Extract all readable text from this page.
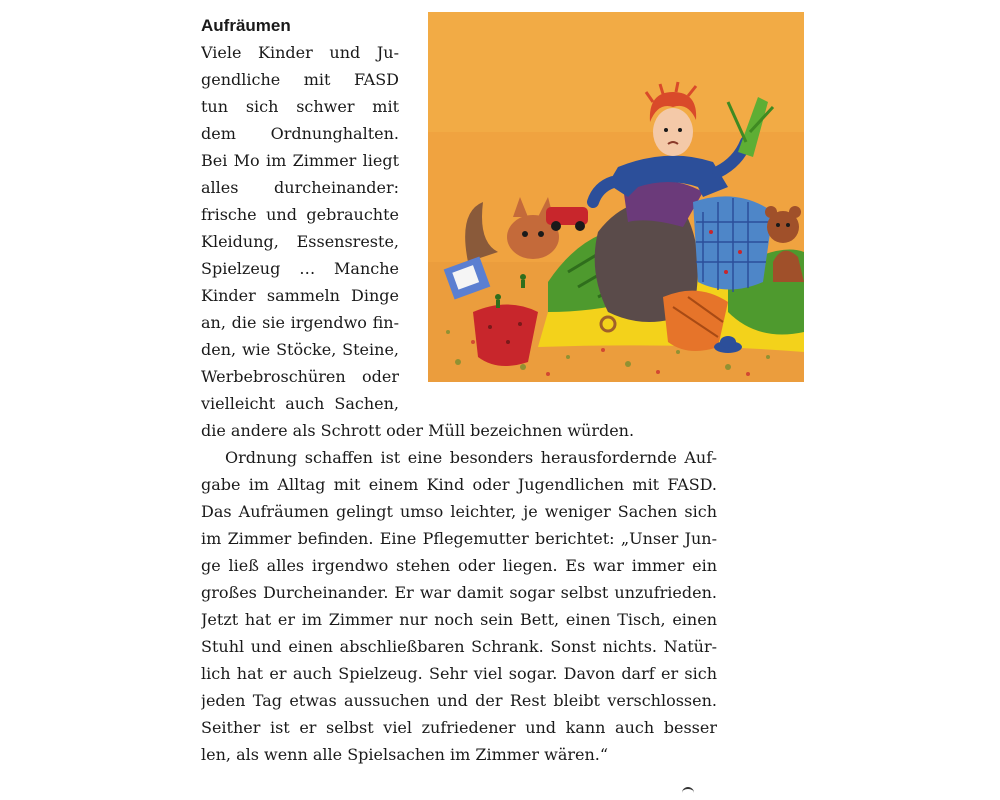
Aufräumen
Viele Kinder und Ju-
gendliche mit FASD
tun sich schwer mit
dem Ordnunghalten.
Bei Mo im Zimmer liegt
alles durcheinander:
frische und gebrauchte
Kleidung, Essensreste,
Spielzeug … Manche
Kinder sammeln Dinge
an, die sie irgendwo fin-
den, wie Stöcke, Steine,
Werbebroschüren oder
vielleicht auch Sachen,
die andere als Schrott oder Müll bezeichnen würden.
Ordnung schaffen ist eine besonders herausfordernde Auf-
gabe im Alltag mit einem Kind oder Jugendlichen mit FASD.
Das Aufräumen gelingt umso leichter, je weniger Sachen sich
im Zimmer befinden. Eine Pflegemutter berichtet: „Unser Jun-
ge ließ alles irgendwo stehen oder liegen. Es war immer ein
großes Durcheinander. Er war damit sogar selbst unzufrieden.
Jetzt hat er im Zimmer nur noch sein Bett, einen Tisch, einen
Stuhl und einen abschließbaren Schrank. Sonst nichts. Natür-
lich hat er auch Spielzeug. Sehr viel sogar. Davon darf er sich
jeden Tag etwas aussuchen und der Rest bleibt verschlossen.
Seither ist er selbst viel zufriedener und kann auch besser
len, als wenn alle Spielsachen im Zimmer wären.“
